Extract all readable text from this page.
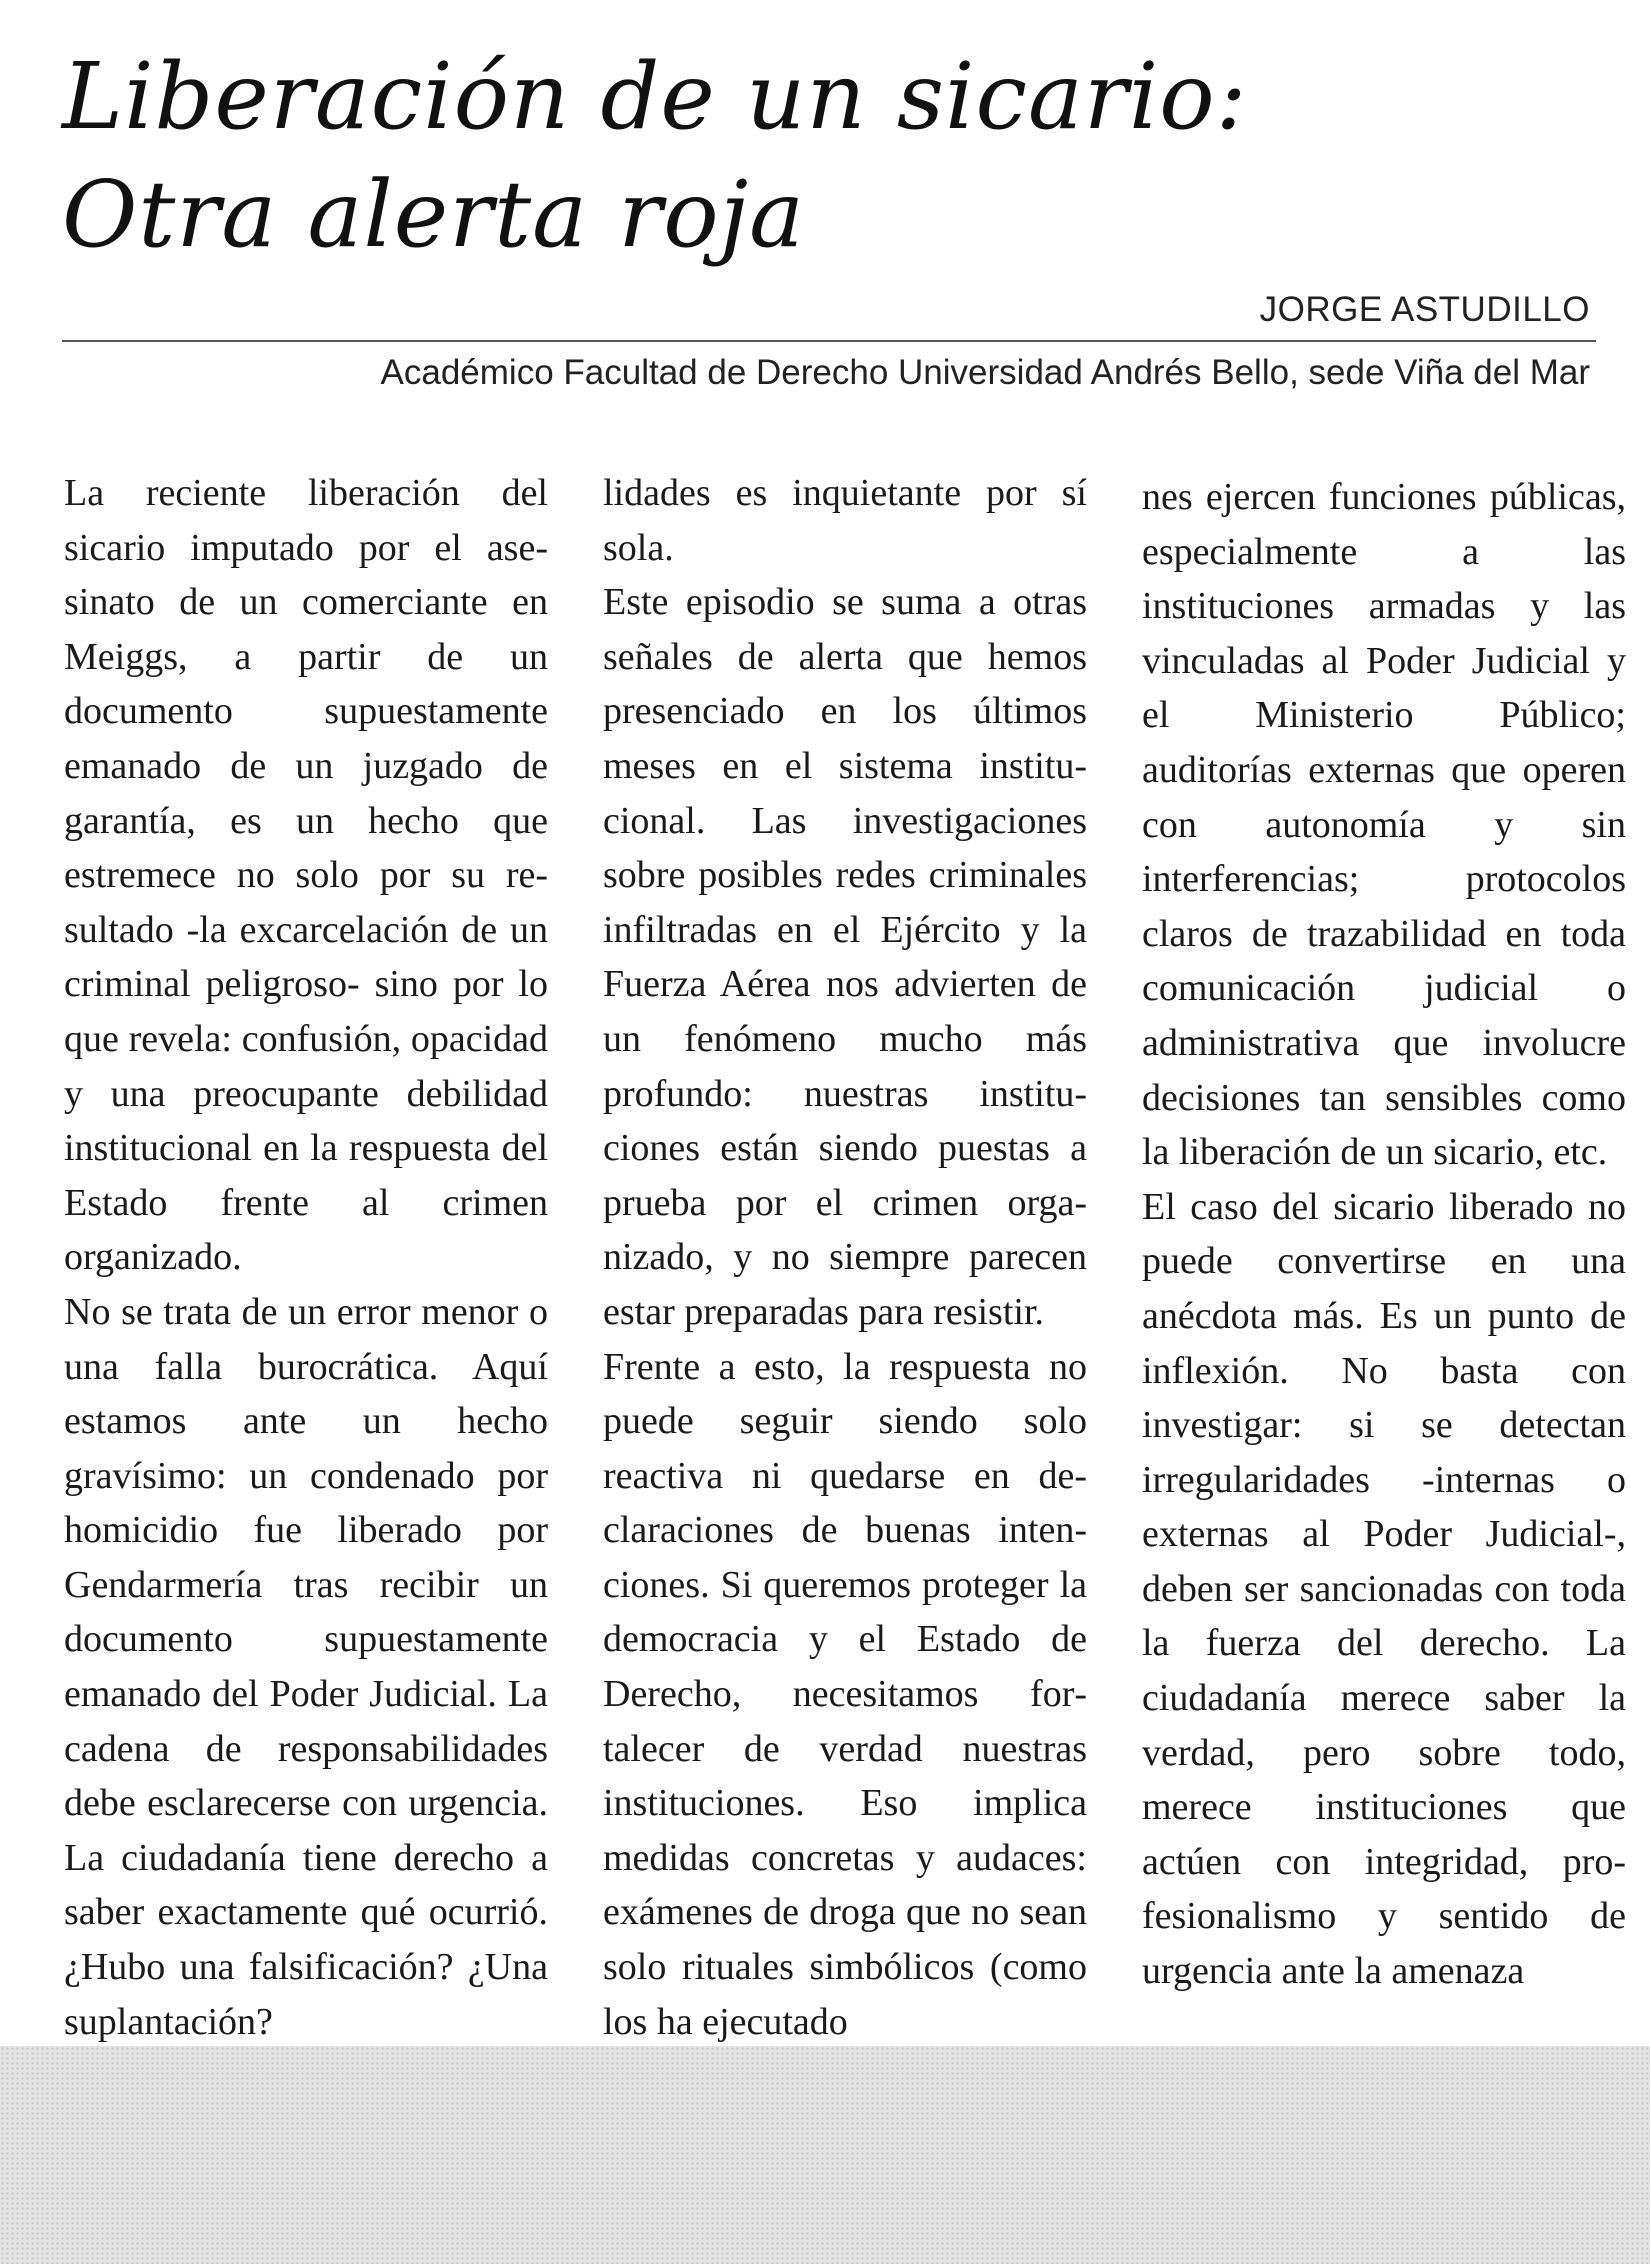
Liberación de un sicario:
Otra alerta roja
JORGE ASTUDILLO
Académico Facultad de Derecho Universidad Andrés Bello, sede Viña del Mar

La reciente liberación del sicario imputado por el asesinato de un comerciante en Meiggs, a partir de un documento supuestamente emanado de un juzgado de garantía, es un hecho que estremece no solo por su resultado -la excarcelación de un criminal peligroso- sino por lo que revela: confusión, opacidad y una preocupante debilidad institucional en la respuesta del Estado frente al crimen organizado.

No se trata de un error menor o una falla burocrática. Aquí estamos ante un hecho gravísimo: un condenado por homicidio fue liberado por Gendarmería tras recibir un documento supuestamente emanado del Poder Judicial. La cadena de responsabilidades debe esclarecerse con urgencia. La ciudadanía tiene derecho a saber exactamente qué ocurrió. ¿Hubo una falsificación? ¿Una suplantación?

lidades es inquietante por sí sola.

Este episodio se suma a otras señales de alerta que hemos presenciado en los últimos meses en el sistema institucional. Las investigaciones sobre posibles redes criminales infiltradas en el Ejército y la Fuerza Aérea nos advierten de un fenómeno mucho más profundo: nuestras instituciones están siendo puestas a prueba por el crimen organizado, y no siempre parecen estar preparadas para resistir.

Frente a esto, la respuesta no puede seguir siendo solo reactiva ni quedarse en declaraciones de buenas intenciones. Si queremos proteger la democracia y el Estado de Derecho, necesitamos fortalecer de verdad nuestras instituciones. Eso implica medidas concretas y audaces: exámenes de droga que no sean solo rituales simbólicos (como los ha ejecutado

nes ejercen funciones públicas, especialmente a las instituciones armadas y las vinculadas al Poder Judicial y el Ministerio Público; auditorías externas que operen con autonomía y sin interferencias; protocolos claros de trazabilidad en toda comunicación judicial o administrativa que involucre decisiones tan sensibles como la liberación de un sicario, etc.

El caso del sicario liberado no puede convertirse en una anécdota más. Es un punto de inflexión. No basta con investigar: si se detectan irregularidades -internas o externas al Poder Judicial-, deben ser sancionadas con toda la fuerza del derecho. La ciudadanía merece saber la verdad, pero sobre todo, merece instituciones que actúen con integridad, profesionalismo y sentido de urgencia ante la amenaza
